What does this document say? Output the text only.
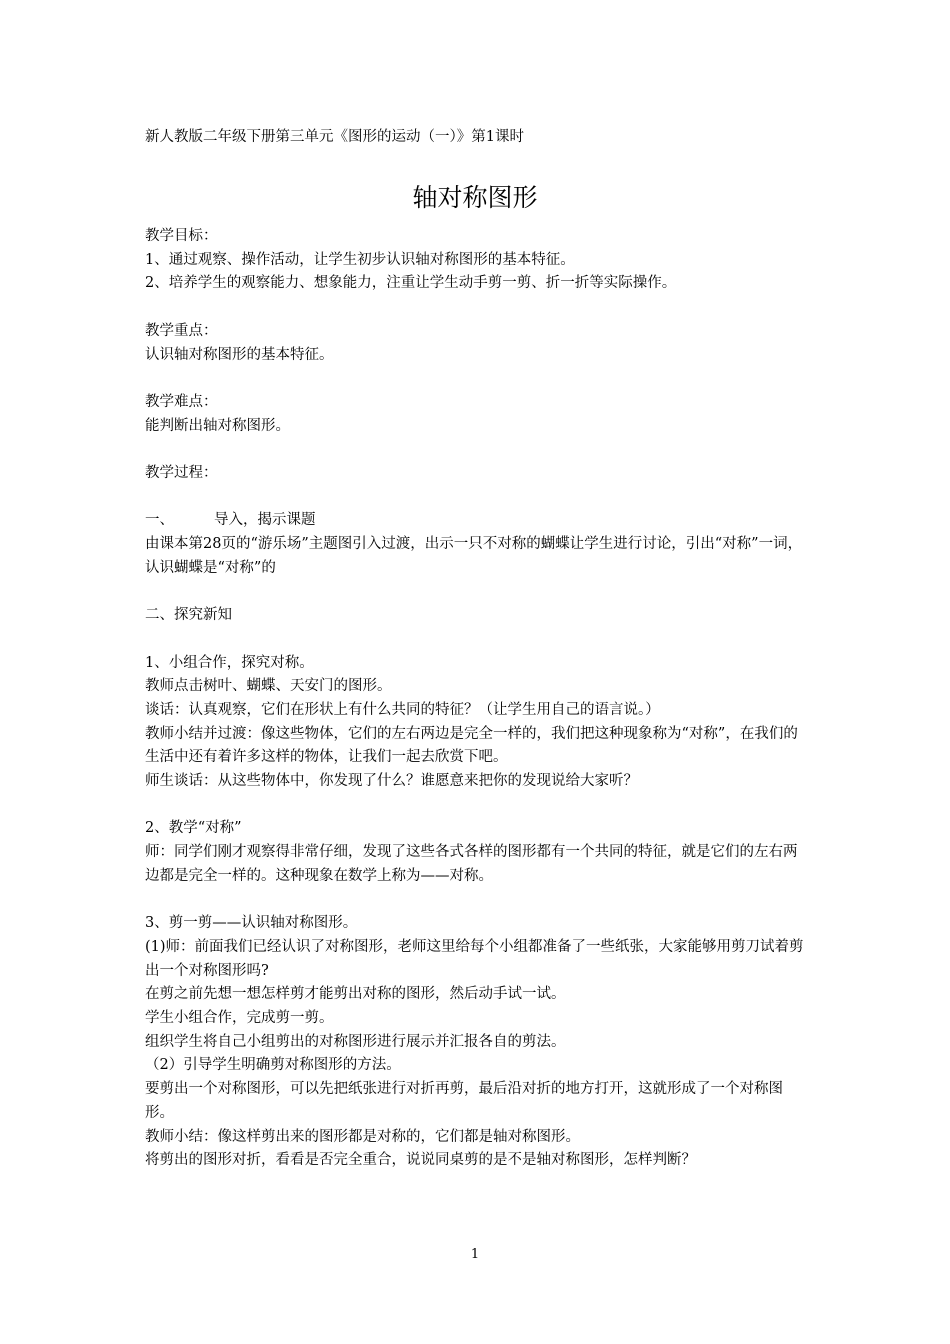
新人教版二年级下册第三单元《图形的运动（一）》第1课时
轴对称图形

教学目标：

1、通过观察、操作活动，让学生初步认识轴对称图形的基本特征。

2、培养学生的观察能力、想象能力，注重让学生动手剪一剪、折一折等实际操作。

教学重点：

认识轴对称图形的基本特征。

教学难点：

能判断出轴对称图形。

教学过程：

一、	导入，揭示课题

由课本第28页的“游乐场”主题图引入过渡，出示一只不对称的蝴蝶让学生进行讨论，引出“对称”一词，认识蝴蝶是“对称”的

二、探究新知

1、小组合作，探究对称。

教师点击树叶、蝴蝶、天安门的图形。

谈话：认真观察，它们在形状上有什么共同的特征？（让学生用自己的语言说。）

教师小结并过渡：像这些物体，它们的左右两边是完全一样的，我们把这种现象称为“对称”，在我们的生活中还有着许多这样的物体，让我们一起去欣赏下吧。

师生谈话：从这些物体中，你发现了什么？谁愿意来把你的发现说给大家听？

2、教学“对称”

师：同学们刚才观察得非常仔细，发现了这些各式各样的图形都有一个共同的特征，就是它们的左右两边都是完全一样的。这种现象在数学上称为——对称。

3、剪一剪——认识轴对称图形。

(1)师：前面我们已经认识了对称图形，老师这里给每个小组都准备了一些纸张，大家能够用剪刀试着剪出一个对称图形吗?

在剪之前先想一想怎样剪才能剪出对称的图形，然后动手试一试。

学生小组合作，完成剪一剪。

组织学生将自己小组剪出的对称图形进行展示并汇报各自的剪法。

（2）引导学生明确剪对称图形的方法。

要剪出一个对称图形，可以先把纸张进行对折再剪，最后沿对折的地方打开，这就形成了一个对称图形。

教师小结：像这样剪出来的图形都是对称的，它们都是轴对称图形。

将剪出的图形对折，看看是否完全重合，说说同桌剪的是不是轴对称图形，怎样判断？

1
